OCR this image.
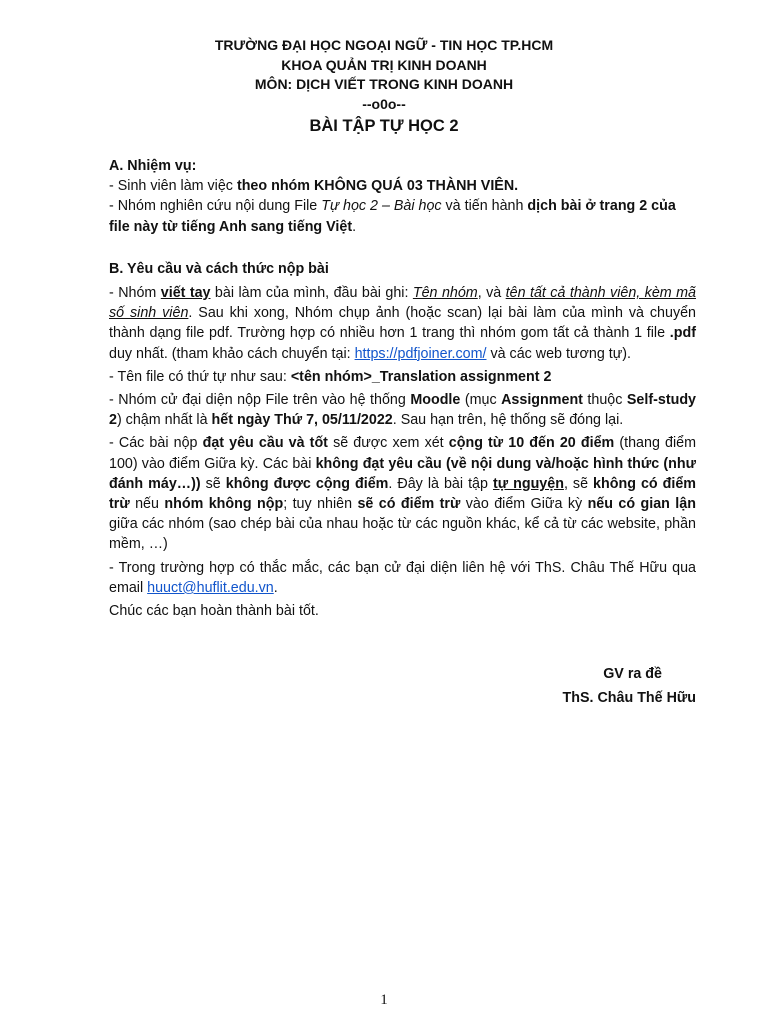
TRƯỜNG ĐẠI HỌC NGOẠI NGỮ - TIN HỌC TP.HCM
KHOA QUẢN TRỊ KINH DOANH
MÔN: DỊCH VIẾT TRONG KINH DOANH
--o0o--
BÀI TẬP TỰ HỌC 2

A. Nhiệm vụ:

- Sinh viên làm việc theo nhóm KHÔNG QUÁ 03 THÀNH VIÊN.

- Nhóm nghiên cứu nội dung File Tự học 2 – Bài học và tiến hành dịch bài ở trang 2 của file này từ tiếng Anh sang tiếng Việt.

B. Yêu cầu và cách thức nộp bài

- Nhóm viết tay bài làm của mình, đầu bài ghi: Tên nhóm, và tên tất cả thành viên, kèm mã số sinh viên. Sau khi xong, Nhóm chụp ảnh (hoặc scan) lại bài làm của mình và chuyển thành dạng file pdf. Trường hợp có nhiều hơn 1 trang thì nhóm gom tất cả thành 1 file .pdf duy nhất. (tham khảo cách chuyển tại: https://pdfjoiner.com/ và các web tương tự).

- Tên file có thứ tự như sau: <tên nhóm>_Translation assignment 2

- Nhóm cử đại diện nộp File trên vào hệ thống Moodle (mục Assignment thuộc Self-study 2) chậm nhất là hết ngày Thứ 7, 05/11/2022. Sau hạn trên, hệ thống sẽ đóng lại.

- Các bài nộp đạt yêu cầu và tốt sẽ được xem xét cộng từ 10 đến 20 điểm (thang điểm 100) vào điểm Giữa kỳ. Các bài không đạt yêu cầu (về nội dung và/hoặc hình thức (như đánh máy…)) sẽ không được cộng điểm. Đây là bài tập tự nguyện, sẽ không có điểm trừ nếu nhóm không nộp; tuy nhiên sẽ có điểm trừ vào điểm Giữa kỳ nếu có gian lận giữa các nhóm (sao chép bài của nhau hoặc từ các nguồn khác, kể cả từ các website, phần mềm, …)

- Trong trường hợp có thắc mắc, các bạn cử đại diện liên hệ với ThS. Châu Thế Hữu qua email huuct@huflit.edu.vn.

Chúc các bạn hoàn thành bài tốt.

GV ra đề
ThS. Châu Thế Hữu
1
